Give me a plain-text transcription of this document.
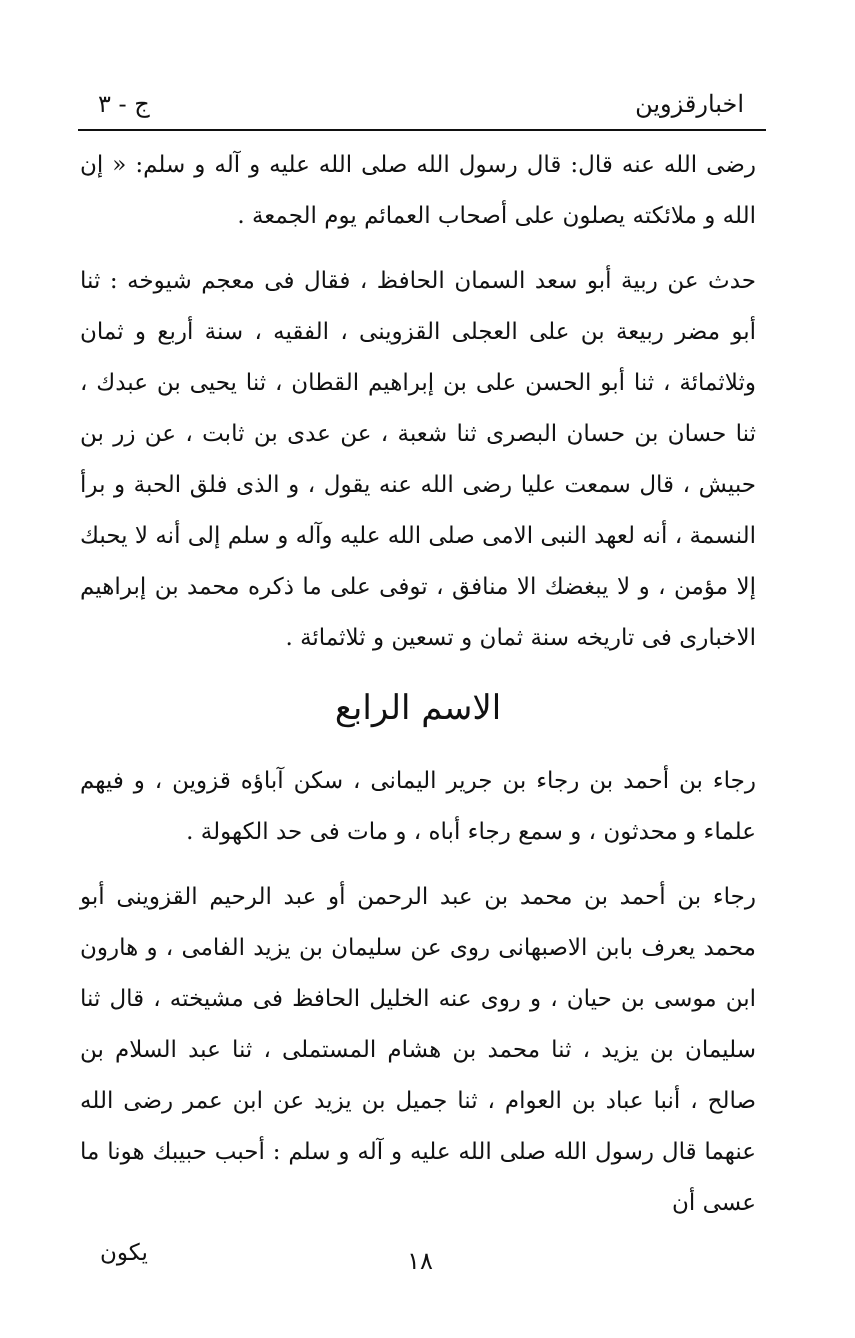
اخبارقزوين
ج - ٣

رضى الله عنه قال: قال رسول الله صلى الله عليه و آله و سلم: « إن الله و ملائكته يصلون على أصحاب العمائم يوم الجمعة .

حدث عن ربية أبو سعد السمان الحافظ ، فقال فى معجم شيوخه : ثنا أبو مضر ربيعة بن على العجلى القزوينى ، الفقيه ، سنة أربع و ثمان وثلاثمائة ، ثنا أبو الحسن على بن إبراهيم القطان ، ثنا يحيى بن عبدك ، ثنا حسان بن حسان البصرى ثنا شعبة ، عن عدى بن ثابت ، عن زر بن حبيش ، قال سمعت عليا رضى الله عنه يقول ، و الذى فلق الحبة و برأ النسمة ، أنه لعهد النبى الامى صلى الله عليه وآله و سلم إلى أنه لا يحبك إلا مؤمن ، و لا يبغضك الا منافق ، توفى على ما ذكره محمد بن إبراهيم الاخبارى فى تاريخه سنة ثمان و تسعين و ثلاثمائة .

الاسم الرابع

رجاء بن أحمد بن رجاء بن جرير اليمانى ، سكن آباؤه قزوين ، و فيهم علماء و محدثون ، و سمع رجاء أباه ، و مات فى حد الكهولة .

رجاء بن أحمد بن محمد بن عبد الرحمن أو عبد الرحيم القزوينى أبو محمد يعرف بابن الاصبهانى روى عن سليمان بن يزيد الفامى ، و هارون ابن موسى بن حيان ، و روى عنه الخليل الحافظ فى مشيخته ، قال ثنا سليمان بن يزيد ، ثنا محمد بن هشام المستملى ، ثنا عبد السلام بن صالح ، أنبا عباد بن العوام ، ثنا جميل بن يزيد عن ابن عمر رضى الله عنهما قال رسول الله صلى الله عليه و آله و سلم : أحبب حبيبك هونا ما عسى أن

يكون	١٨
